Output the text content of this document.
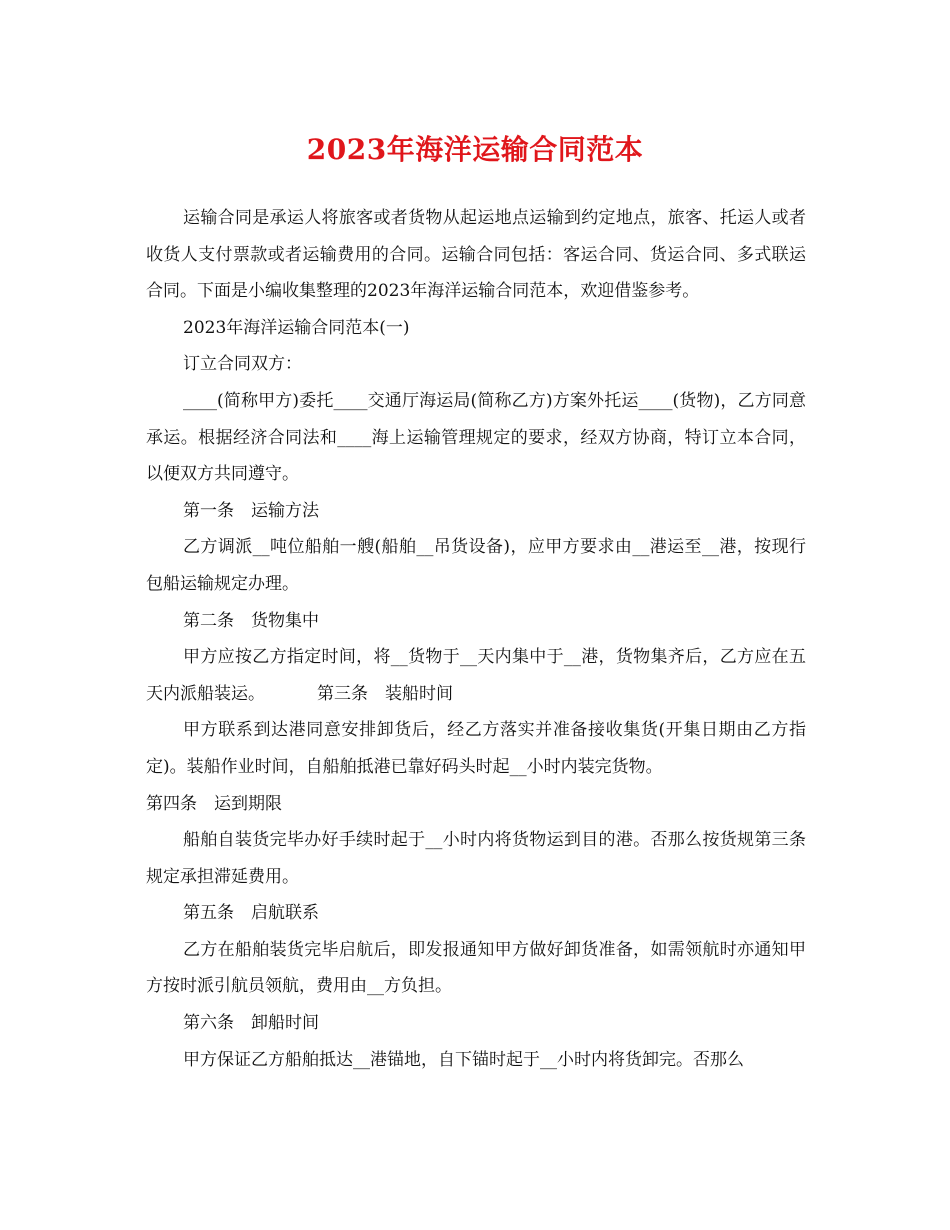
2023年海洋运输合同范本

运输合同是承运人将旅客或者货物从起运地点运输到约定地点，旅客、托运人或者收货人支付票款或者运输费用的合同。运输合同包括：客运合同、货运合同、多式联运合同。下面是小编收集整理的2023年海洋运输合同范本，欢迎借鉴参考。

2023年海洋运输合同范本(一)

订立合同双方：

____(简称甲方)委托____交通厅海运局(简称乙方)方案外托运____(货物)，乙方同意承运。根据经济合同法和____海上运输管理规定的要求，经双方协商，特订立本合同，以便双方共同遵守。

第一条　运输方法

乙方调派__吨位船舶一艘(船舶__吊货设备)，应甲方要求由__港运至__港，按现行包船运输规定办理。

第二条　货物集中

甲方应按乙方指定时间，将__货物于__天内集中于__港，货物集齐后，乙方应在五天内派船装运。	第三条　装船时间

甲方联系到达港同意安排卸货后，经乙方落实并准备接收集货(开集日期由乙方指定)。装船作业时间，自船舶抵港已靠好码头时起__小时内装完货物。

第四条　运到期限

船舶自装货完毕办好手续时起于__小时内将货物运到目的港。否那么按货规第三条规定承担滞延费用。

第五条　启航联系

乙方在船舶装货完毕启航后，即发报通知甲方做好卸货准备，如需领航时亦通知甲方按时派引航员领航，费用由__方负担。

第六条　卸船时间

甲方保证乙方船舶抵达__港锚地，自下锚时起于__小时内将货卸完。否那么
